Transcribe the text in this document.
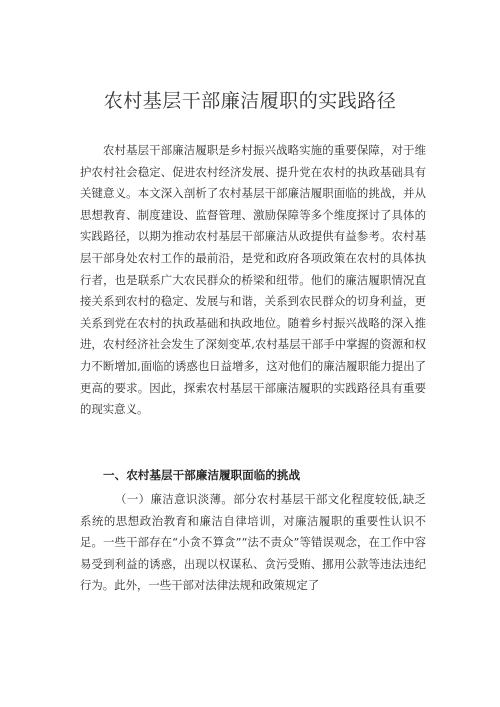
农村基层干部廉洁履职的实践路径

农村基层干部廉洁履职是乡村振兴战略实施的重要保障，对于维护农村社会稳定、促进农村经济发展、提升党在农村的执政基础具有关键意义。本文深入剖析了农村基层干部廉洁履职面临的挑战，并从思想教育、制度建设、监督管理、激励保障等多个维度探讨了具体的实践路径，以期为推动农村基层干部廉洁从政提供有益参考。农村基层干部身处农村工作的最前沿，是党和政府各项政策在农村的具体执行者，也是联系广大农民群众的桥梁和纽带。他们的廉洁履职情况直接关系到农村的稳定、发展与和谐，关系到农民群众的切身利益，更关系到党在农村的执政基础和执政地位。随着乡村振兴战略的深入推进，农村经济社会发生了深刻变革,农村基层干部手中掌握的资源和权力不断增加,面临的诱惑也日益增多，这对他们的廉洁履职能力提出了更高的要求。因此，探索农村基层干部廉洁履职的实践路径具有重要的现实意义。

一、农村基层干部廉洁履职面临的挑战

（一）廉洁意识淡薄。部分农村基层干部文化程度较低,缺乏系统的思想政治教育和廉洁自律培训，对廉洁履职的重要性认识不足。一些干部存在“小贪不算贪”“法不责众”等错误观念，在工作中容易受到利益的诱惑，出现以权谋私、贪污受贿、挪用公款等违法违纪行为。此外，一些干部对法律法规和政策规定了
